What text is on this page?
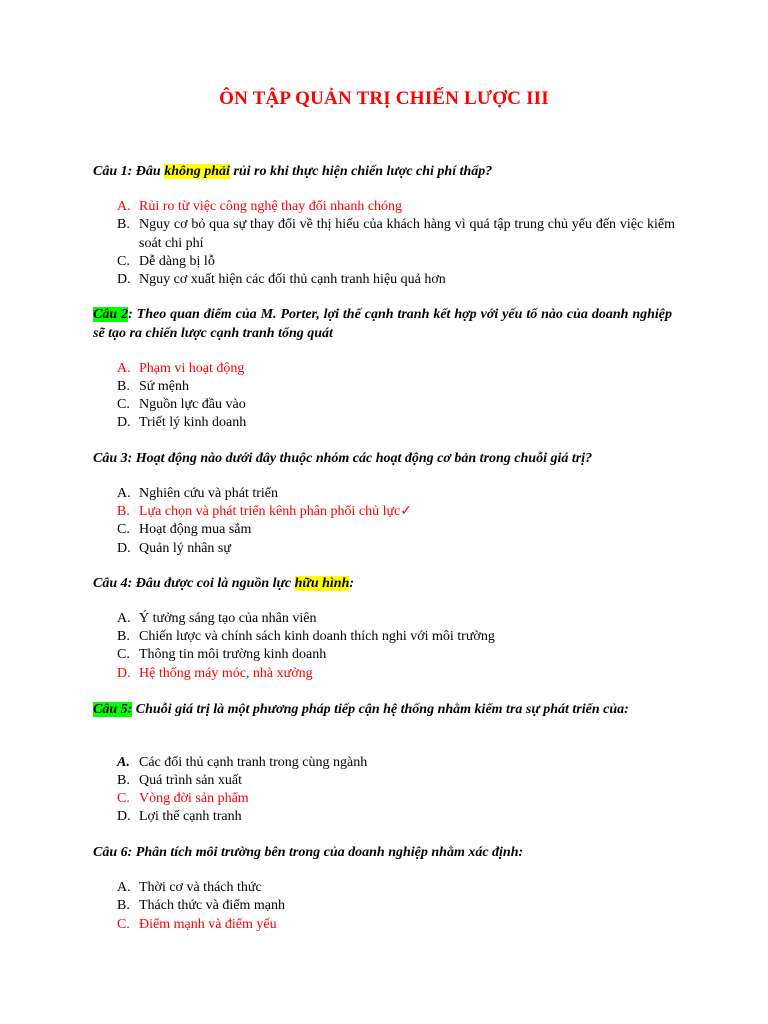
ÔN TẬP QUẢN TRỊ CHIẾN LƯỢC III
Câu 1: Đâu không phải rủi ro khi thực hiện chiến lược chi phí thấp?
A. Rủi ro từ việc công nghệ thay đổi nhanh chóng
B. Nguy cơ bỏ qua sự thay đổi về thị hiếu của khách hàng vì quá tập trung chủ yếu đến việc kiểm soát chi phí
C. Dễ dàng bị lỗ
D. Nguy cơ xuất hiện các đối thủ cạnh tranh hiệu quả hơn
Câu 2: Theo quan điểm của M. Porter, lợi thế cạnh tranh kết hợp với yếu tố nào của doanh nghiệp sẽ tạo ra chiến lược cạnh tranh tổng quát
A. Phạm vi hoạt động
B. Sứ mệnh
C. Nguồn lực đầu vào
D. Triết lý kinh doanh
Câu 3: Hoạt động nào dưới đây thuộc nhóm các hoạt động cơ bản trong chuỗi giá trị?
A. Nghiên cứu và phát triển
B. Lựa chọn và phát triển kênh phân phối chủ lực✓
C. Hoạt động mua sắm
D. Quản lý nhân sự
Câu 4: Đâu được coi là nguồn lực hữu hình:
A. Ý tưởng sáng tạo của nhân viên
B. Chiến lược và chính sách kinh doanh thích nghi với môi trường
C. Thông tin môi trường kinh doanh
D. Hệ thống máy móc, nhà xưởng
Câu 5: Chuỗi giá trị là một phương pháp tiếp cận hệ thống nhằm kiểm tra sự phát triển của:
A. Các đối thủ cạnh tranh trong cùng ngành
B. Quá trình sản xuất
C. Vòng đời sản phẩm
D. Lợi thế cạnh tranh
Câu 6: Phân tích môi trường bên trong của doanh nghiệp nhằm xác định:
A. Thời cơ và thách thức
B. Thách thức và điểm mạnh
C. Điểm mạnh và điểm yếu
